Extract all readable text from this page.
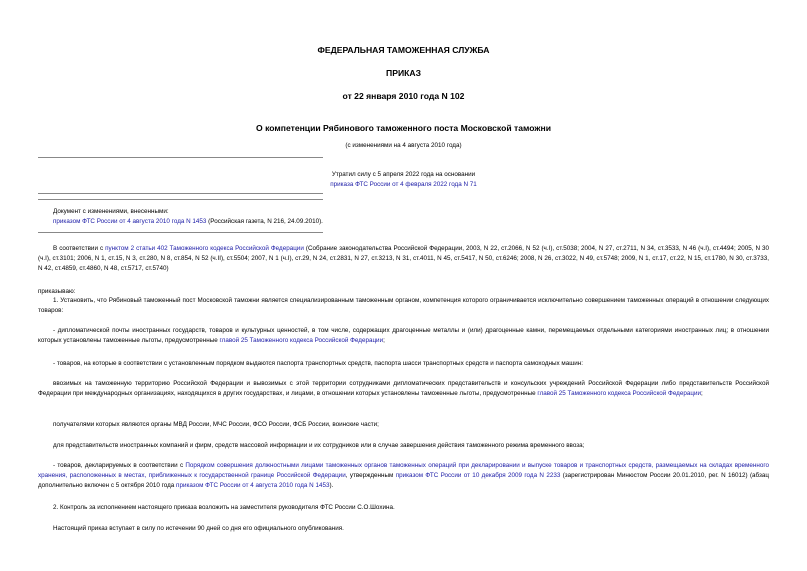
ФЕДЕРАЛЬНАЯ ТАМОЖЕННАЯ СЛУЖБА
ПРИКАЗ
от 22 января 2010 года N 102
О компетенции Рябинового таможенного поста Московской таможни
(с изменениями на 4 августа 2010 года)
Утратил силу с 5 апреля 2022 года на основании
приказа ФТС России от 4 февраля 2022 года N 71
Документ с изменениями, внесенными:
приказом ФТС России от 4 августа 2010 года N 1453 (Российская газета, N 216, 24.09.2010).
В соответствии с пунктом 2 статьи 402 Таможенного кодекса Российской Федерации (Собрание законодательства Российской Федерации, 2003, N 22, ст.2066, N 52 (ч.I), ст.5038; 2004, N 27, ст.2711, N 34, ст.3533, N 46 (ч.I), ст.4494; 2005, N 30 (ч.I), ст.3101; 2006, N 1, ст.15, N 3, ст.280, N 8, ст.854, N 52 (ч.II), ст.5504; 2007, N 1 (ч.I), ст.29, N 24, ст.2831, N 27, ст.3213, N 31, ст.4011, N 45, ст.5417, N 50, ст.6246; 2008, N 26, ст.3022, N 49, ст.5748; 2009, N 1, ст.17, ст.22, N 15, ст.1780, N 30, ст.3733, N 42, ст.4859, ст.4860, N 48, ст.5717, ст.5740)
приказываю:
1. Установить, что Рябиновый таможенный пост Московской таможни является специализированным таможенным органом, компетенция которого ограничивается исключительно совершением таможенных операций в отношении следующих товаров:
- дипломатической почты иностранных государств, товаров и культурных ценностей, в том числе, содержащих драгоценные металлы и (или) драгоценные камни, перемещаемых отдельными категориями иностранных лиц; в отношении которых установлены таможенные льготы, предусмотренные главой 25 Таможенного кодекса Российской Федерации;
- товаров, на которые в соответствии с установленным порядком выдаются паспорта транспортных средств, паспорта шасси транспортных средств и паспорта самоходных машин:
ввозимых на таможенную территорию Российской Федерации и вывозимых с этой территории сотрудниками дипломатических представительств и консульских учреждений Российской Федерации либо представительств Российской Федерации при международных организациях, находящихся в других государствах, и лицами, в отношении которых установлены таможенные льготы, предусмотренные главой 25 Таможенного кодекса Российской Федерации;
получателями которых являются органы МВД России, МЧС России, ФСО России, ФСБ России, воинские части;
для представительств иностранных компаний и фирм, средств массовой информации и их сотрудников или в случае завершения действия таможенного режима временного ввоза;
- товаров, декларируемых в соответствии с Порядком совершения должностными лицами таможенных органов таможенных операций при декларировании и выпуске товаров и транспортных средств, размещаемых на складах временного хранения, расположенных в местах, приближенных к государственной границе Российской Федерации, утвержденным приказом ФТС России от 10 декабря 2009 года N 2233 (зарегистрирован Минюстом России 20.01.2010, рег. N 16012) (абзац дополнительно включен с 5 октября 2010 года приказом ФТС России от 4 августа 2010 года N 1453).
2. Контроль за исполнением настоящего приказа возложить на заместителя руководителя ФТС России С.О.Шохина.
Настоящий приказ вступает в силу по истечении 90 дней со дня его официального опубликования.
